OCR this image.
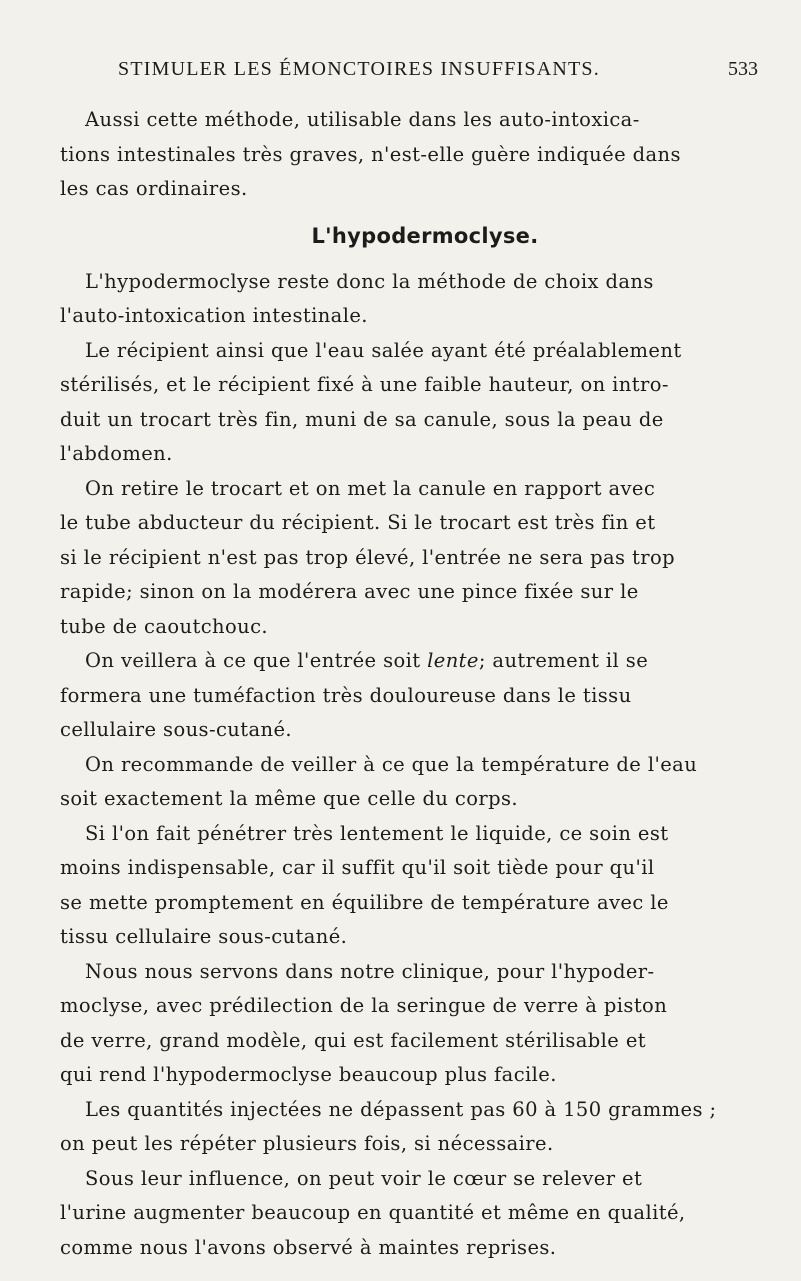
STIMULER LES ÉMONCTOIRES INSUFFISANTS.	533
Aussi cette méthode, utilisable dans les auto-intoxica-
tions intestinales très graves, n'est-elle guère indiquée dans
les cas ordinaires.
L'hypodermoclyse.
L'hypodermoclyse reste donc la méthode de choix dans
l'auto-intoxication intestinale.
Le récipient ainsi que l'eau salée ayant été préalablement
stérilisés, et le récipient fixé à une faible hauteur, on intro-
duit un trocart très fin, muni de sa canule, sous la peau de
l'abdomen.
On retire le trocart et on met la canule en rapport avec
le tube abducteur du récipient. Si le trocart est très fin et
si le récipient n'est pas trop élevé, l'entrée ne sera pas trop
rapide; sinon on la modérera avec une pince fixée sur le
tube de caoutchouc.
On veillera à ce que l'entrée soit lente; autrement il se
formera une tuméfaction très douloureuse dans le tissu
cellulaire sous-cutané.
On recommande de veiller à ce que la température de l'eau
soit exactement la même que celle du corps.
Si l'on fait pénétrer très lentement le liquide, ce soin est
moins indispensable, car il suffit qu'il soit tiède pour qu'il
se mette promptement en équilibre de température avec le
tissu cellulaire sous-cutané.
Nous nous servons dans notre clinique, pour l'hypoder-
moclyse, avec prédilection de la seringue de verre à piston
de verre, grand modèle, qui est facilement stérilisable et
qui rend l'hypodermoclyse beaucoup plus facile.
Les quantités injectées ne dépassent pas 60 à 150 grammes ;
on peut les répéter plusieurs fois, si nécessaire.
Sous leur influence, on peut voir le cœur se relever et
l'urine augmenter beaucoup en quantité et même en qualité,
comme nous l'avons observé à maintes reprises.
